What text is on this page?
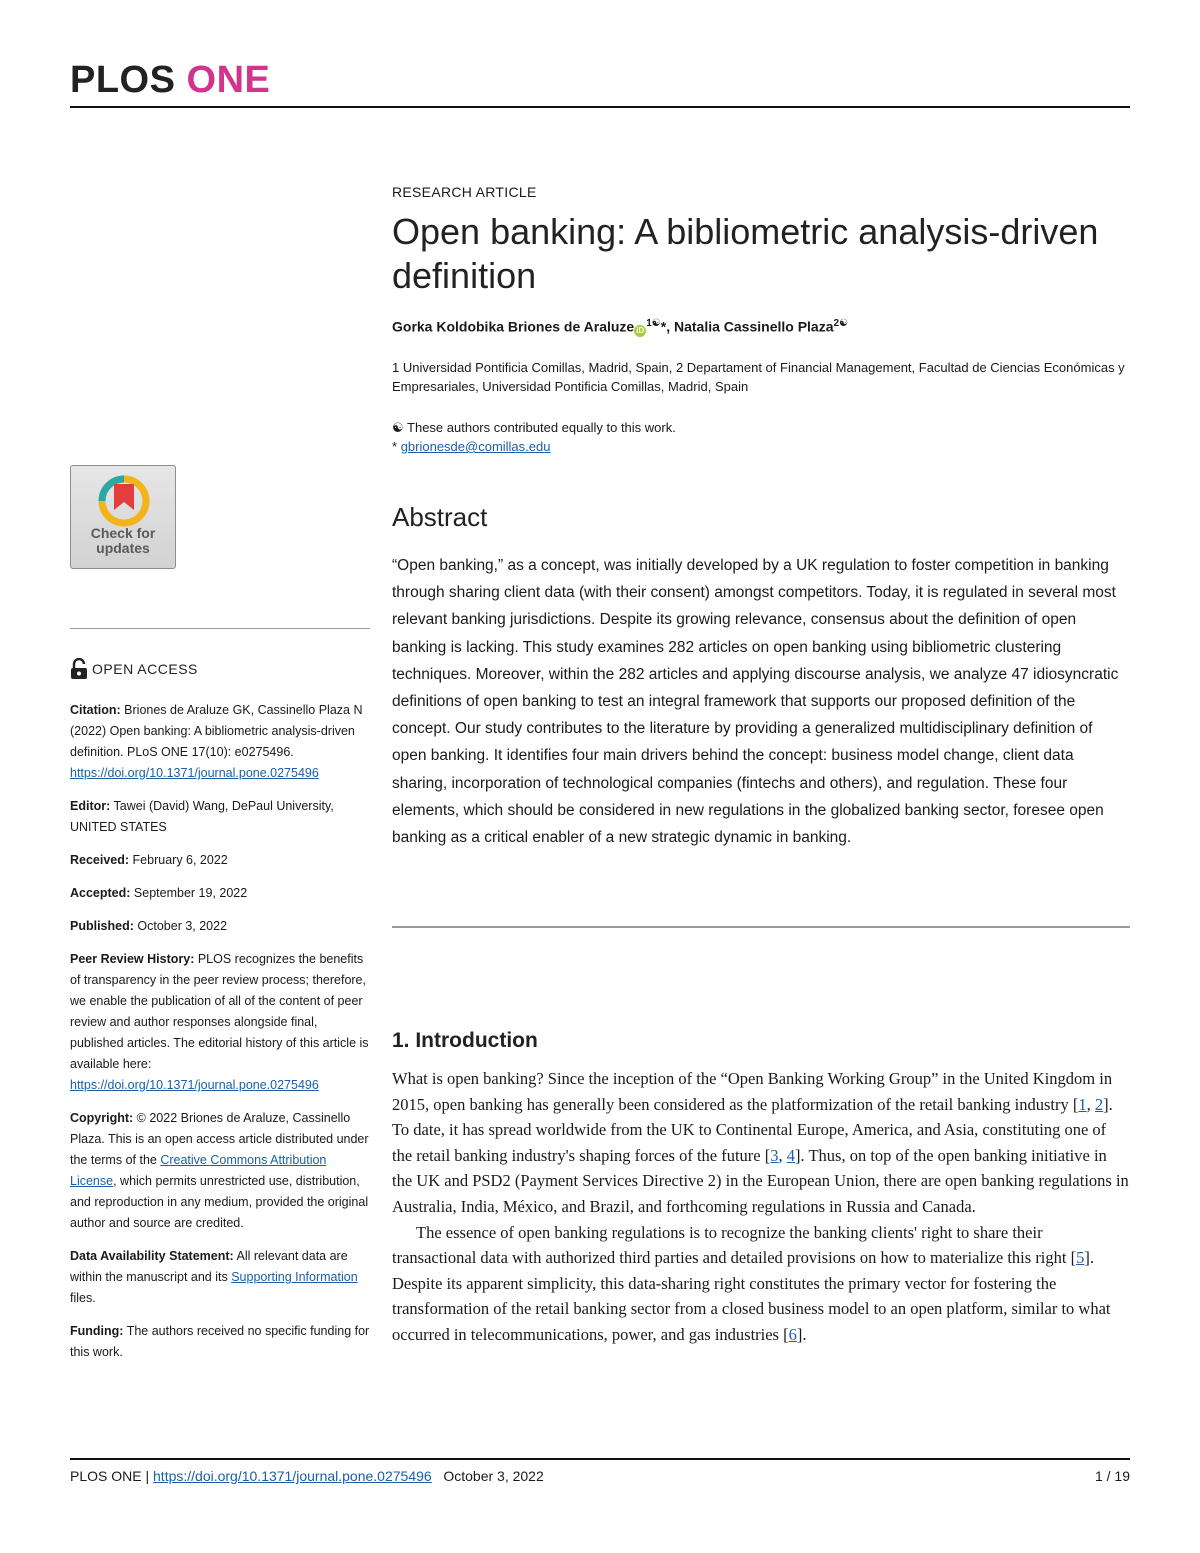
PLOS ONE
Check for
updates
OPEN ACCESS

Citation: Briones de Araluze GK, Cassinello Plaza N (2022) Open banking: A bibliometric analysis-driven definition. PLoS ONE 17(10): e0275496. https://doi.org/10.1371/journal.pone.0275496

Editor: Tawei (David) Wang, DePaul University, UNITED STATES

Received: February 6, 2022

Accepted: September 19, 2022

Published: October 3, 2022

Peer Review History: PLOS recognizes the benefits of transparency in the peer review process; therefore, we enable the publication of all of the content of peer review and author responses alongside final, published articles. The editorial history of this article is available here: https://doi.org/10.1371/journal.pone.0275496

Copyright: © 2022 Briones de Araluze, Cassinello Plaza. This is an open access article distributed under the terms of the Creative Commons Attribution License, which permits unrestricted use, distribution, and reproduction in any medium, provided the original author and source are credited.

Data Availability Statement: All relevant data are within the manuscript and its Supporting Information files.

Funding: The authors received no specific funding for this work.

RESEARCH ARTICLE
Open banking: A bibliometric analysis-driven definition
Gorka Koldobika Briones de Araluze $iD^{1☯}*$, Natalia Cassinello Plaza$^{2☯}$
1 Universidad Pontificia Comillas, Madrid, Spain, 2 Departament of Financial Management, Facultad de Ciencias Económicas y Empresariales, Universidad Pontificia Comillas, Madrid, Spain
☯ These authors contributed equally to this work.
* gbrionesde@comillas.edu
Abstract
“Open banking,” as a concept, was initially developed by a UK regulation to foster competition in banking through sharing client data (with their consent) amongst competitors. Today, it is regulated in several most relevant banking jurisdictions. Despite its growing relevance, consensus about the definition of open banking is lacking. This study examines 282 articles on open banking using bibliometric clustering techniques. Moreover, within the 282 articles and applying discourse analysis, we analyze 47 idiosyncratic definitions of open banking to test an integral framework that supports our proposed definition of the concept. Our study contributes to the literature by providing a generalized multidisciplinary definition of open banking. It identifies four main drivers behind the concept: business model change, client data sharing, incorporation of technological companies (fintechs and others), and regulation. These four elements, which should be considered in new regulations in the globalized banking sector, foresee open banking as a critical enabler of a new strategic dynamic in banking.
1. Introduction

What is open banking? Since the inception of the “Open Banking Working Group” in the United Kingdom in 2015, open banking has generally been considered as the platformization of the retail banking industry [1, 2]. To date, it has spread worldwide from the UK to Continental Europe, America, and Asia, constituting one of the retail banking industry's shaping forces of the future [3, 4]. Thus, on top of the open banking initiative in the UK and PSD2 (Payment Services Directive 2) in the European Union, there are open banking regulations in Australia, India, México, and Brazil, and forthcoming regulations in Russia and Canada.

The essence of open banking regulations is to recognize the banking clients' right to share their transactional data with authorized third parties and detailed provisions on how to materialize this right [5]. Despite its apparent simplicity, this data-sharing right constitutes the primary vector for fostering the transformation of the retail banking sector from a closed business model to an open platform, similar to what occurred in telecommunications, power, and gas industries [6].

PLOS ONE | https://doi.org/10.1371/journal.pone.0275496 October 3, 2022	1 / 19
